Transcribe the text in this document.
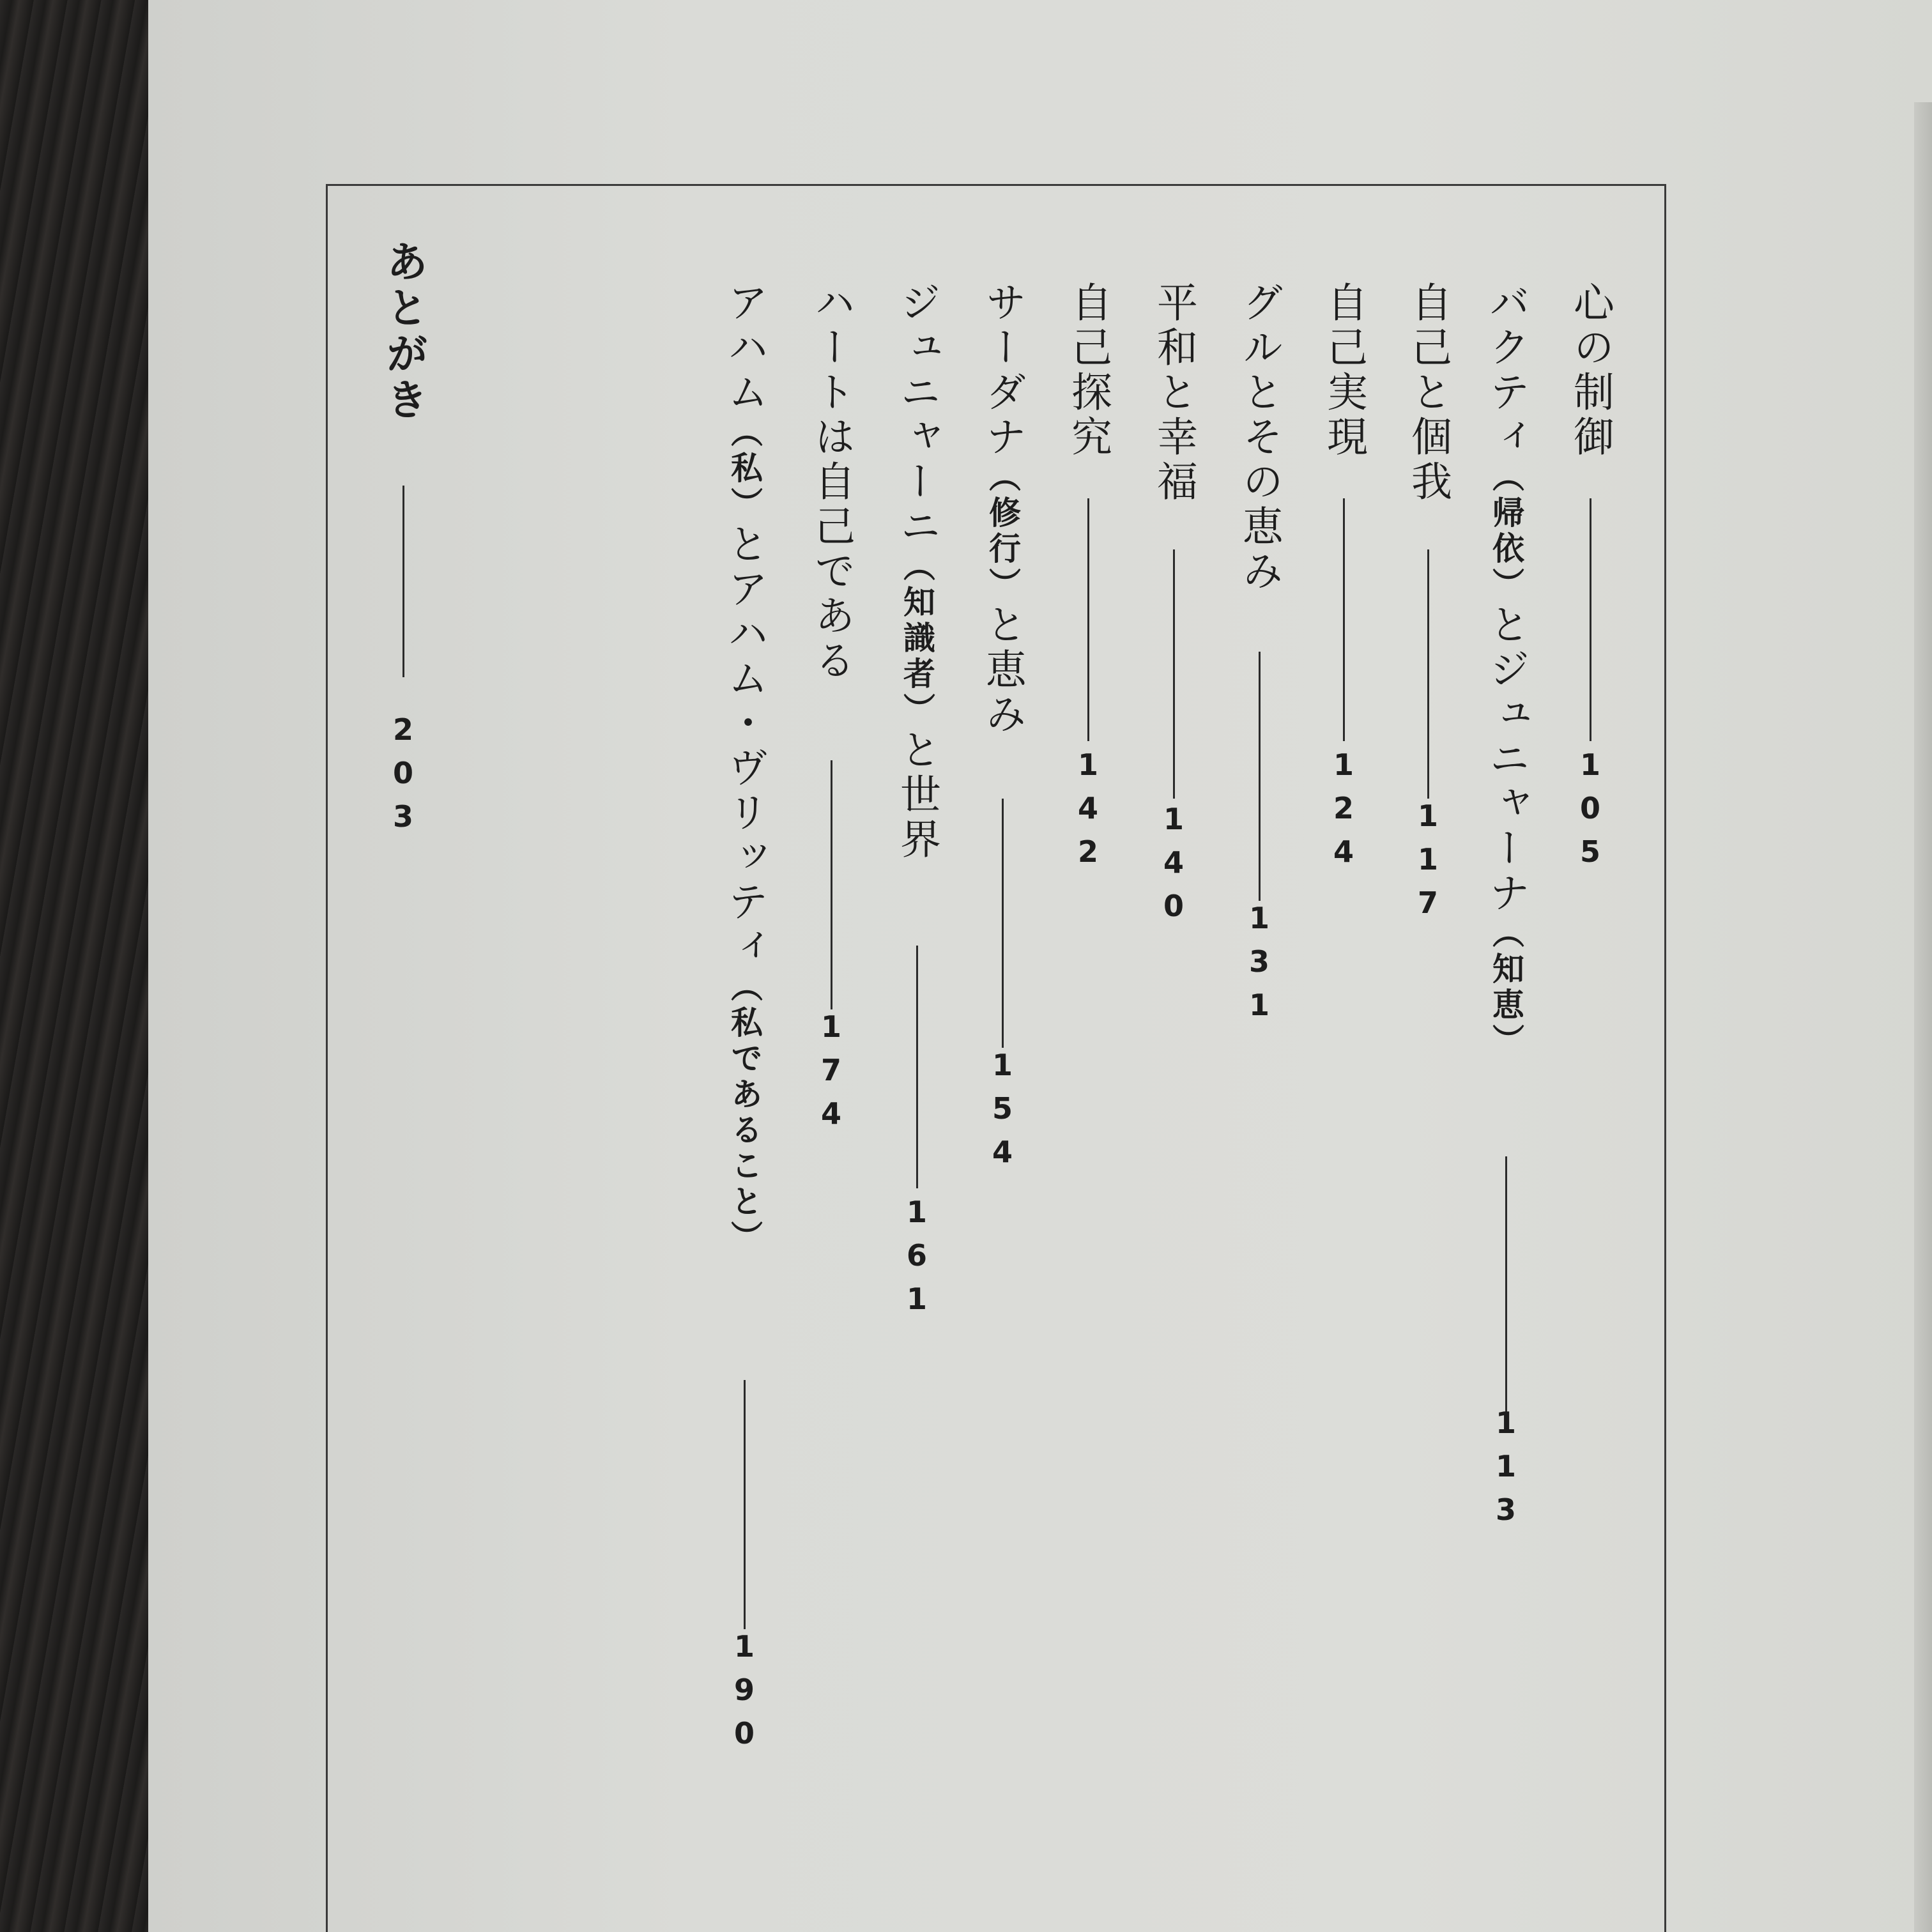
心の制御
105
バクティ（帰依）とジュニャーナ（知恵）
113
自己と個我
117
自己実現
124
グルとその恵み
131
平和と幸福
140
自己探究
142
サーダナ（修行）と恵み
154
ジュニャーニ（知識者）と世界
161
ハートは自己である
174
アハム（私）とアハム・ヴリッティ（私であること）
190
あとがき
203
